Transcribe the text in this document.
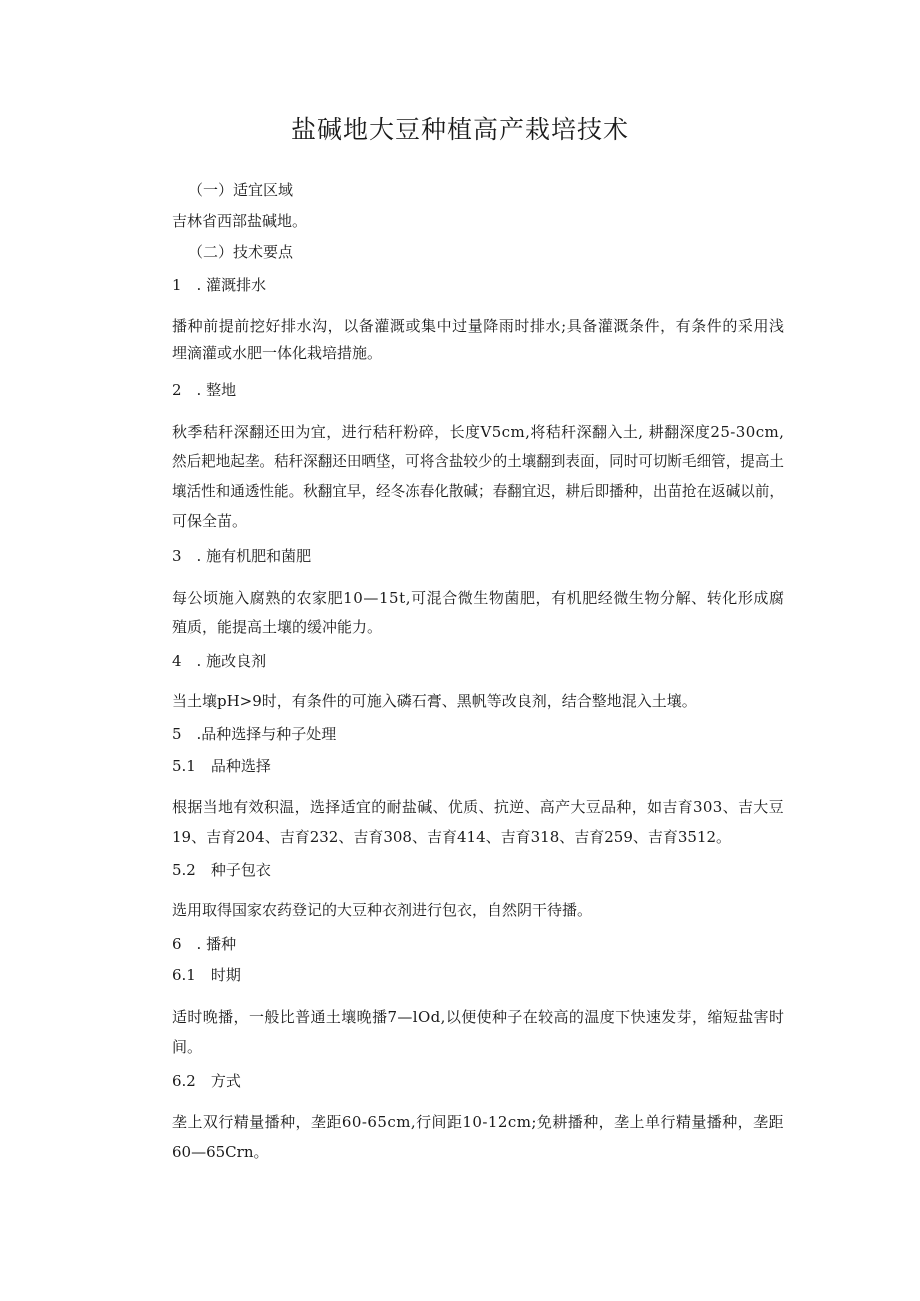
盐碱地大豆种植高产栽培技术
（一）适宜区域
吉林省西部盐碱地。
（二）技术要点
1　. 灌溉排水
播种前提前挖好排水沟，以备灌溉或集中过量降雨时排水;具备灌溉条件，有条件的采用浅
埋滴灌或水肥一体化栽培措施。
2　. 整地
秋季秸秆深翻还田为宜，进行秸秆粉碎，长度V5cm,将秸秆深翻入土, 耕翻深度25-30cm,
然后耙地起垄。秸秆深翻还田晒垡，可将含盐较少的土壤翻到表面，同时可切断毛细管，提高土
壤活性和通透性能。秋翻宜早，经冬冻春化散碱；春翻宜迟，耕后即播种，出苗抢在返碱以前，
可保全苗。
3　. 施有机肥和菌肥
每公顷施入腐熟的农家肥10—15t,可混合微生物菌肥，有机肥经微生物分解、转化形成腐
殖质，能提高土壤的缓冲能力。
4　. 施改良剂
当土壤pH>9时，有条件的可施入磷石膏、黑帆等改良剂，结合整地混入土壤。
5　.品种选择与种子处理
5.1　品种选择
根据当地有效积温，选择适宜的耐盐碱、优质、抗逆、高产大豆品种，如吉育303、吉大豆
19、吉育204、吉育232、吉育308、吉育414、吉育318、吉育259、吉育3512。
5.2　种子包衣
选用取得国家农药登记的大豆种衣剂进行包衣，自然阴干待播。
6　. 播种
6.1　时期
适时晚播，一般比普通土壤晚播7—lOd,以便使种子在较高的温度下快速发芽，缩短盐害时
间。
6.2　方式
垄上双行精量播种，垄距60-65cm,行间距10-12cm;免耕播种，垄上单行精量播种，垄距
60—65Crn。
